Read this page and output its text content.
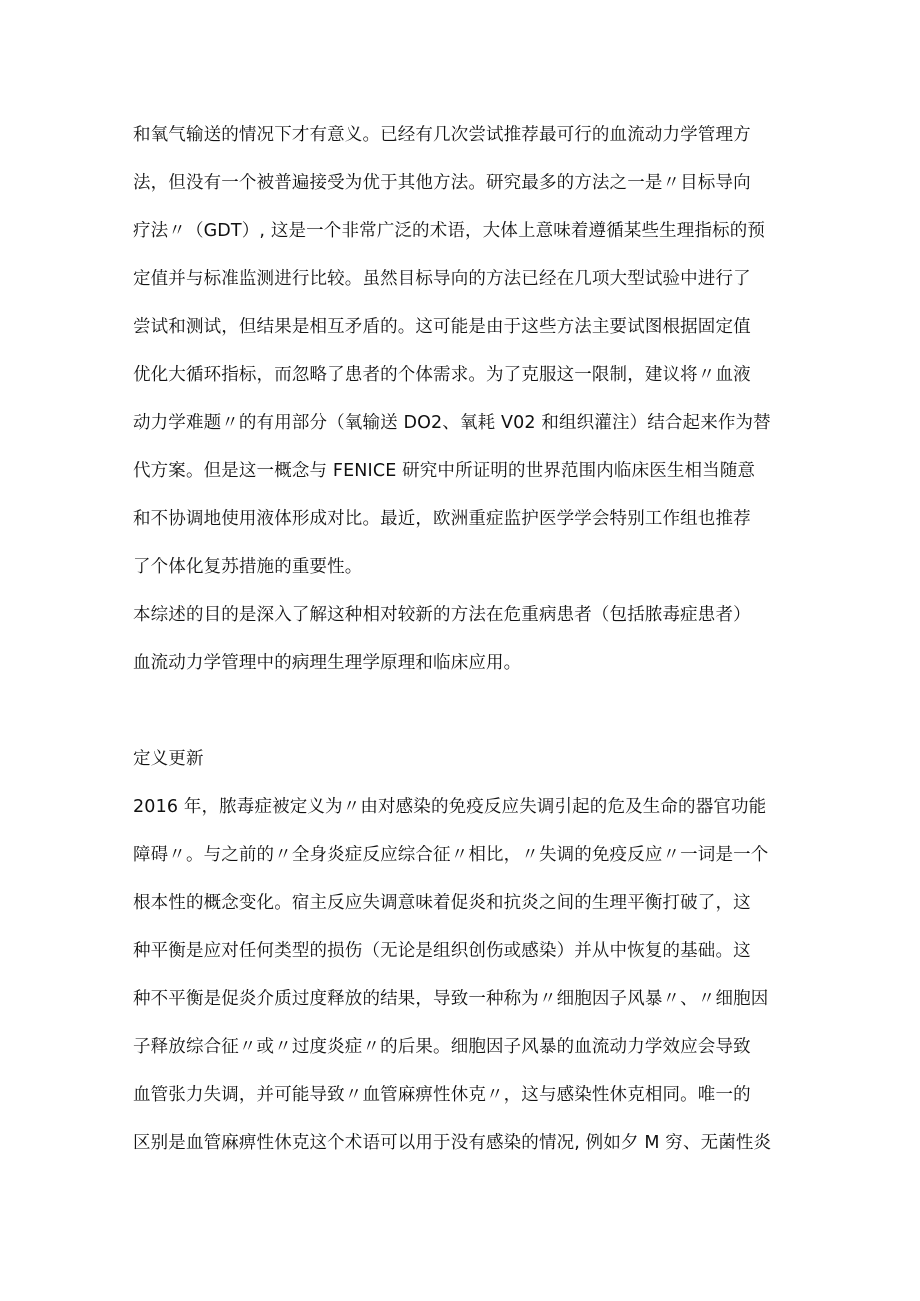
和氧气输送的情况下才有意义。已经有几次尝试推荐最可行的血流动力学管理方
法，但没有一个被普遍接受为优于其他方法。研究最多的方法之一是〃目标导向
疗法〃（GDT）, 这是一个非常广泛的术语，大体上意味着遵循某些生理指标的预
定值并与标准监测进行比较。虽然目标导向的方法已经在几项大型试验中进行了
尝试和测试，但结果是相互矛盾的。这可能是由于这些方法主要试图根据固定值
优化大循环指标，而忽略了患者的个体需求。为了克服这一限制，建议将〃血液
动力学难题〃的有用部分（氧输送 DO2、氧耗 V02 和组织灌注）结合起来作为替
代方案。但是这一概念与 FENICE 研究中所证明的世界范围内临床医生相当随意
和不协调地使用液体形成对比。最近，欧洲重症监护医学学会特别工作组也推荐
了个体化复苏措施的重要性。
本综述的目的是深入了解这种相对较新的方法在危重病患者（包括脓毒症患者）
血流动力学管理中的病理生理学原理和临床应用。
定义更新
2016 年，脓毒症被定义为〃由对感染的免疫反应失调引起的危及生命的器官功能
障碍〃。与之前的〃全身炎症反应综合征〃相比，〃失调的免疫反应〃一词是一个
根本性的概念变化。宿主反应失调意味着促炎和抗炎之间的生理平衡打破了，这
种平衡是应对任何类型的损伤（无论是组织创伤或感染）并从中恢复的基础。这
种不平衡是促炎介质过度释放的结果，导致一种称为〃细胞因子风暴〃、〃细胞因
子释放综合征〃或〃过度炎症〃的后果。细胞因子风暴的血流动力学效应会导致
血管张力失调，并可能导致〃血管麻痹性休克〃，这与感染性休克相同。唯一的
区别是血管麻痹性休克这个术语可以用于没有感染的情况, 例如夕 M 穷、无菌性炎
